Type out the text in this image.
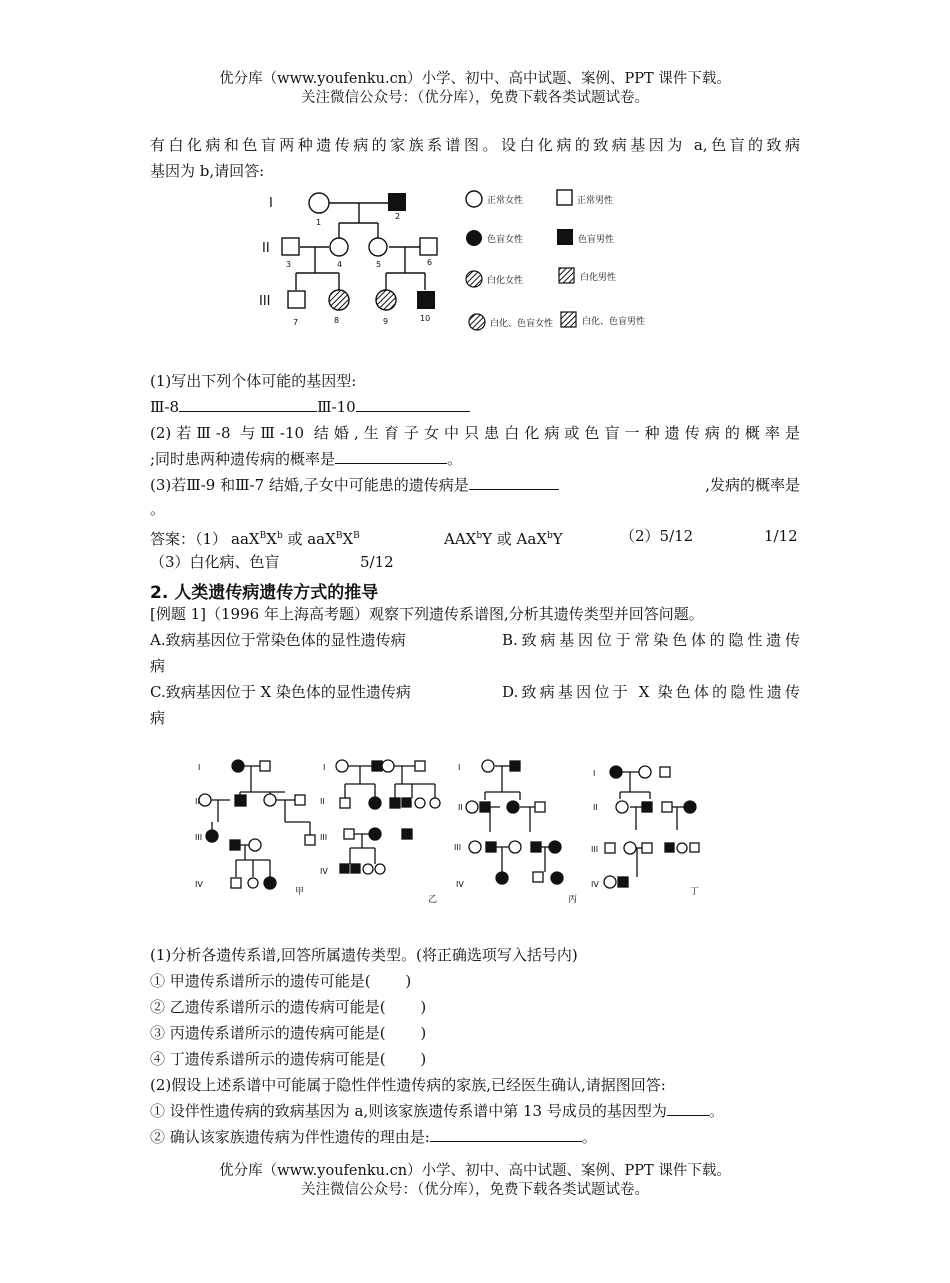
优分库（www.youfenku.cn）小学、初中、高中试题、案例、PPT 课件下载。
关注微信公众号：（优分库），免费下载各类试题试卷。
有白化病和色盲两种遗传病的家族系谱图。设白化病的致病基因为 a,色盲的致病
基因为 b,请回答:
I
II
III
1
2
3	4	5	6
7	8	9	10
正常女性	正常男性
色盲女性	色盲男性
白化女性	白化男性
白化、色盲女性	白化、色盲男性
(1)写出下列个体可能的基因型:
Ⅲ-8	Ⅲ-10
(2)若Ⅲ-8 与Ⅲ-10 结婚,生育子女中只患白化病或色盲一种遗传病的概率是
;同时患两种遗传病的概率是	。
(3)若Ⅲ-9 和Ⅲ-7 结婚,子女中可能患的遗传病是	,发病的概率是
。
答案：（1） $aaX^BX^b$ 或 $aaX^BX^B$	AAX$^b$Y 或 AaX$^b$Y	（2）5/12	1/12
（3）白化病、色盲	5/12
2. 人类遗传病遗传方式的推导
[例题 1]（1996 年上海高考题）观察下列遗传系谱图,分析其遗传类型并回答问题。
A.致病基因位于常染色体的显性遗传病	B.致病基因位于常染色体的隐性遗传
病
C.致病基因位于 X 染色体的显性遗传病	D.致病基因位于 X 染色体的隐性遗传
病
I
II
III
IV
I
II
III
IV
I
II
III
IV
I
II
III
IV
甲
乙	丙
丁
(1)分析各遗传系谱,回答所属遗传类型。(将正确选项写入括号内)
① 甲遗传系谱所示的遗传可能是(　　 )
② 乙遗传系谱所示的遗传病可能是(　　 )
③ 丙遗传系谱所示的遗传病可能是(　　 )
④ 丁遗传系谱所示的遗传病可能是(　　 )
(2)假设上述系谱中可能属于隐性伴性遗传病的家族,已经医生确认,请据图回答:
① 设伴性遗传病的致病基因为 a,则该家族遗传系谱中第 13 号成员的基因型为	。
② 确认该家族遗传病为伴性遗传的理由是:	。
优分库（www.youfenku.cn）小学、初中、高中试题、案例、PPT 课件下载。
关注微信公众号：（优分库），免费下载各类试题试卷。
